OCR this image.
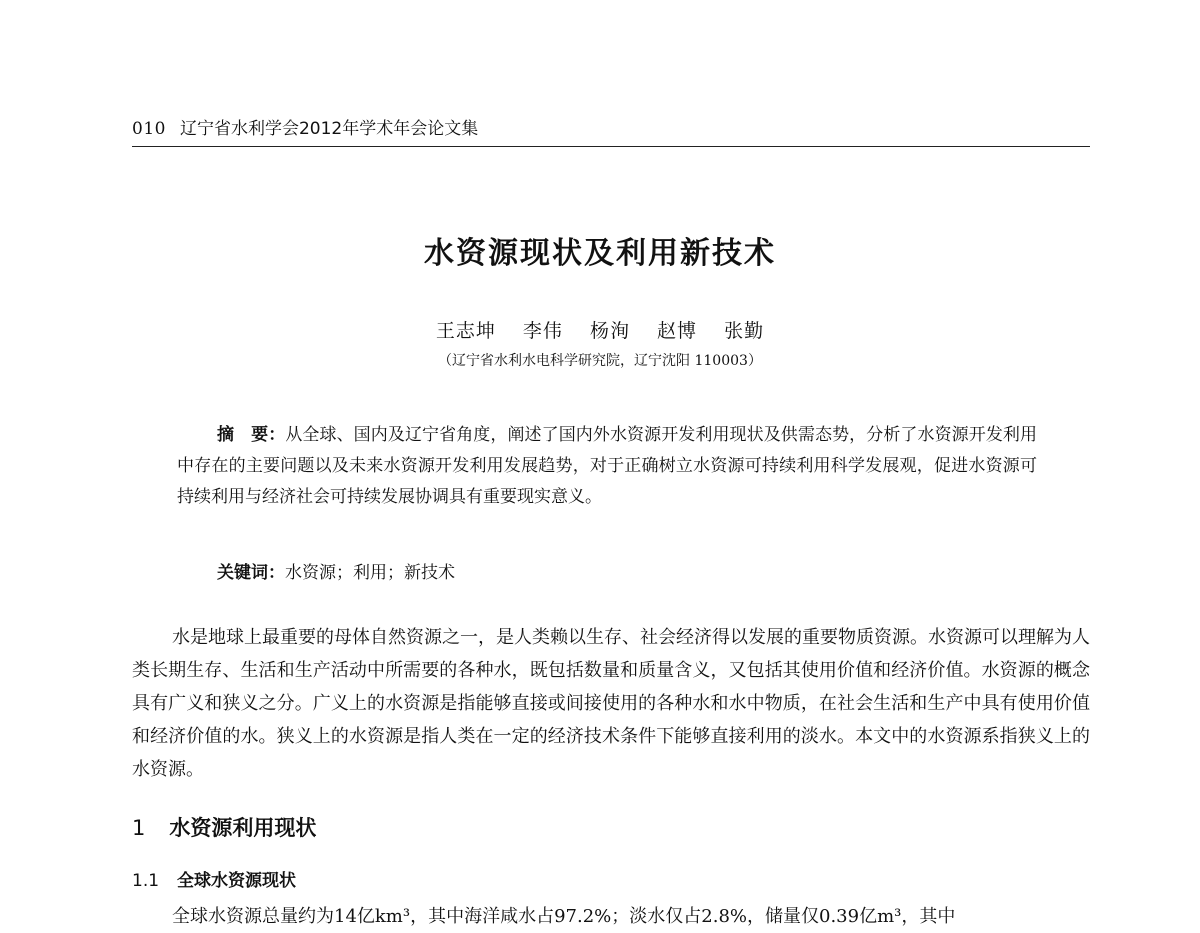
010 辽宁省水利学会2012年学术年会论文集
水资源现状及利用新技术
王志坤 李伟 杨洵 赵博 张勤
（辽宁省水利水电科学研究院，辽宁沈阳 110003）
摘　要：从全球、国内及辽宁省角度，阐述了国内外水资源开发利用现状及供需态势，分析了水资源开发利用中存在的主要问题以及未来水资源开发利用发展趋势，对于正确树立水资源可持续利用科学发展观，促进水资源可持续利用与经济社会可持续发展协调具有重要现实意义。
关键词：水资源；利用；新技术
水是地球上最重要的母体自然资源之一，是人类赖以生存、社会经济得以发展的重要物质资源。水资源可以理解为人类长期生存、生活和生产活动中所需要的各种水，既包括数量和质量含义，又包括其使用价值和经济价值。水资源的概念具有广义和狭义之分。广义上的水资源是指能够直接或间接使用的各种水和水中物质，在社会生活和生产中具有使用价值和经济价值的水。狭义上的水资源是指人类在一定的经济技术条件下能够直接利用的淡水。本文中的水资源系指狭义上的水资源。
1 水资源利用现状
1.1 全球水资源现状
全球水资源总量约为14亿km³，其中海洋咸水占97.2%；淡水仅占2.8%，储量仅0.39亿m³，其中
